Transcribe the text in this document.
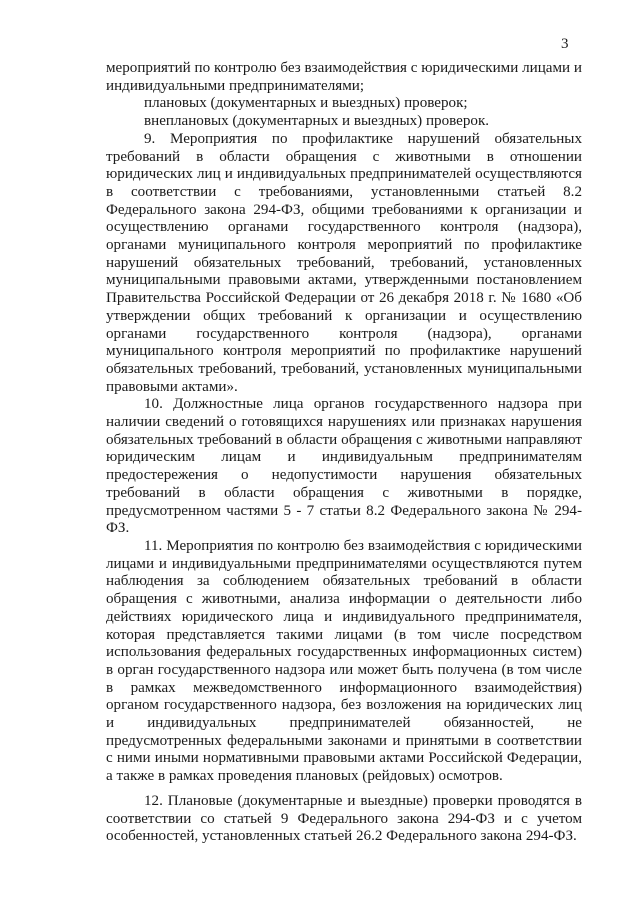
3

мероприятий по контролю без взаимодействия с юридическими лицами и индивидуальными предпринимателями;

плановых (документарных и выездных) проверок;

внеплановых (документарных и выездных) проверок.

9. Мероприятия по профилактике нарушений обязательных требований в области обращения с животными в отношении юридических лиц и индивидуальных предпринимателей осуществляются в соответствии с требованиями, установленными статьей 8.2 Федерального закона 294-ФЗ, общими требованиями к организации и осуществлению органами государственного контроля (надзора), органами муниципального контроля мероприятий по профилактике нарушений обязательных требований, требований, установленных муниципальными правовыми актами, утвержденными постановлением Правительства Российской Федерации от 26 декабря 2018 г. № 1680 «Об утверждении общих требований к организации и осуществлению органами государственного контроля (надзора), органами муниципального контроля мероприятий по профилактике нарушений обязательных требований, требований, установленных муниципальными правовыми актами».

10. Должностные лица органов государственного надзора при наличии сведений о готовящихся нарушениях или признаках нарушения обязательных требований в области обращения с животными направляют юридическим лицам и индивидуальным предпринимателям предостережения о недопустимости нарушения обязательных требований в области обращения с животными в порядке, предусмотренном частями 5 - 7 статьи 8.2 Федерального закона № 294-ФЗ.

11. Мероприятия по контролю без взаимодействия с юридическими лицами и индивидуальными предпринимателями осуществляются путем наблюдения за соблюдением обязательных требований в области обращения с животными, анализа информации о деятельности либо действиях юридического лица и индивидуального предпринимателя, которая представляется такими лицами (в том числе посредством использования федеральных государственных информационных систем) в орган государственного надзора или может быть получена (в том числе в рамках межведомственного информационного взаимодействия) органом государственного надзора, без возложения на юридических лиц и индивидуальных предпринимателей обязанностей, не предусмотренных федеральными законами и принятыми в соответствии с ними иными нормативными правовыми актами Российской Федерации, а также в рамках проведения плановых (рейдовых) осмотров.

12. Плановые (документарные и выездные) проверки проводятся в соответствии со статьей 9 Федерального закона 294-ФЗ и с учетом особенностей, установленных статьей 26.2 Федерального закона 294-ФЗ.
